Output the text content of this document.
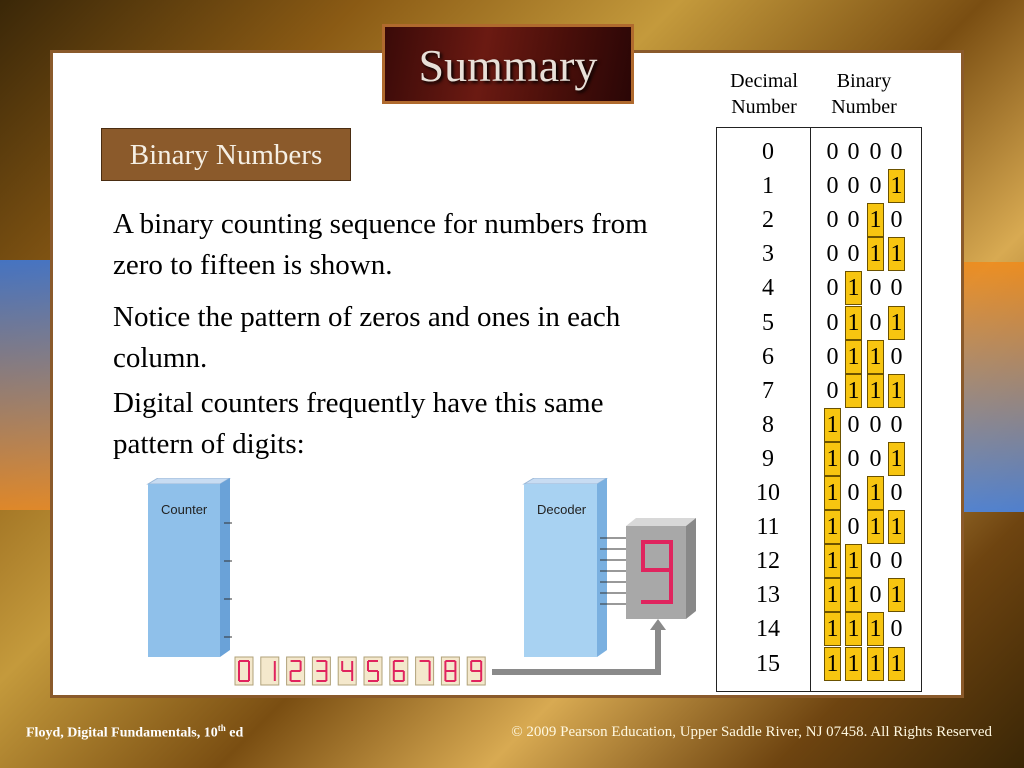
Summary
Binary Numbers
A binary counting sequence for numbers from zero to fifteen is shown.
Notice the pattern of zeros and ones in each column.
Digital counters frequently have this same pattern of digits:
Decimal
Number
Binary
Number
0	0 0 0 0
1	0 0 0 1
2	0 0 1 0
3	0 0 1 1
4	0 1 0 0
5	0 1 0 1
6	0 1 1 0
7	0 1 1 1
8	1 0 0 0
9	1 0 0 1
10	1 0 1 0
11	1 0 1 1
12	1 1 0 0
13	1 1 0 1
14	1 1 1 0
15	1 1 1 1
Counter	Decoder
Floyd, Digital Fundamentals, 10th ed	© 2009 Pearson Education, Upper Saddle River, NJ 07458. All Rights Reserved
